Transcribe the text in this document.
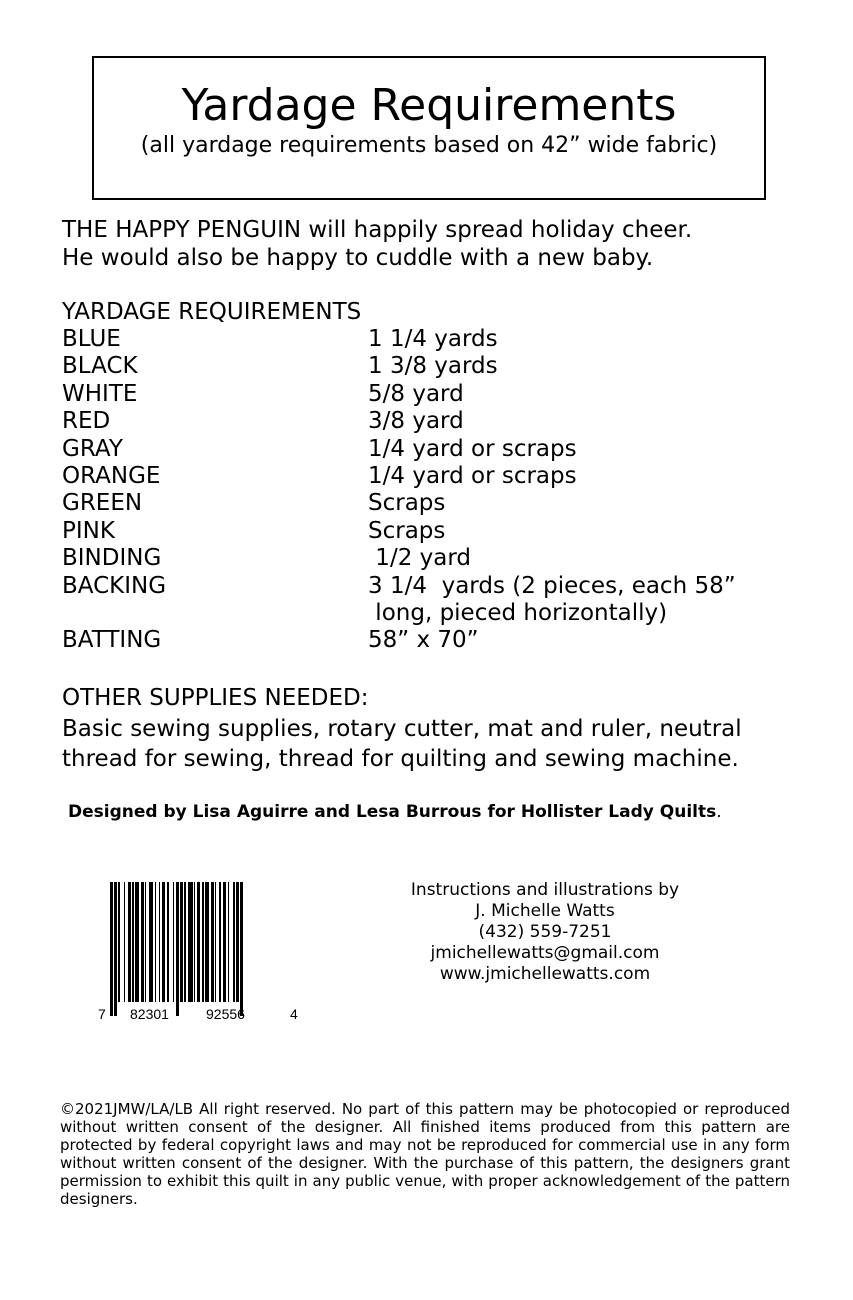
Yardage Requirements
(all yardage requirements based on 42” wide fabric)
THE HAPPY PENGUIN will happily spread holiday cheer.
He would also be happy to cuddle with a new baby.
YARDAGE REQUIREMENTS
BLUE	1 1/4 yards
BLACK	1 3/8 yards
WHITE	5/8 yard
RED	3/8 yard
GRAY	1/4 yard or scraps
ORANGE	1/4 yard or scraps
GREEN	Scraps
PINK	Scraps
BINDING	1/2 yard
BACKING	3 1/4  yards (2 pieces, each 58”
long, pieced horizontally)
BATTING	58” x 70”
OTHER SUPPLIES NEEDED:
Basic sewing supplies, rotary cutter, mat and ruler, neutral
thread for sewing, thread for quilting and sewing machine.
Designed by Lisa Aguirre and Lesa Burrous for Hollister Lady Quilts.
7 82301	92556	4
Instructions and illustrations by
J. Michelle Watts
(432) 559-7251
jmichellewatts@gmail.com
www.jmichellewatts.com
©2021JMW/LA/LB All right reserved. No part of this pattern may be photocopied or reproduced without written consent of the designer. All finished items produced from this pattern are protected by federal copyright laws and may not be reproduced for commercial use in any form without written consent of the designer. With the purchase of this pattern, the designers grant permission to exhibit this quilt in any public venue, with proper acknowledgement of the pattern designers.
